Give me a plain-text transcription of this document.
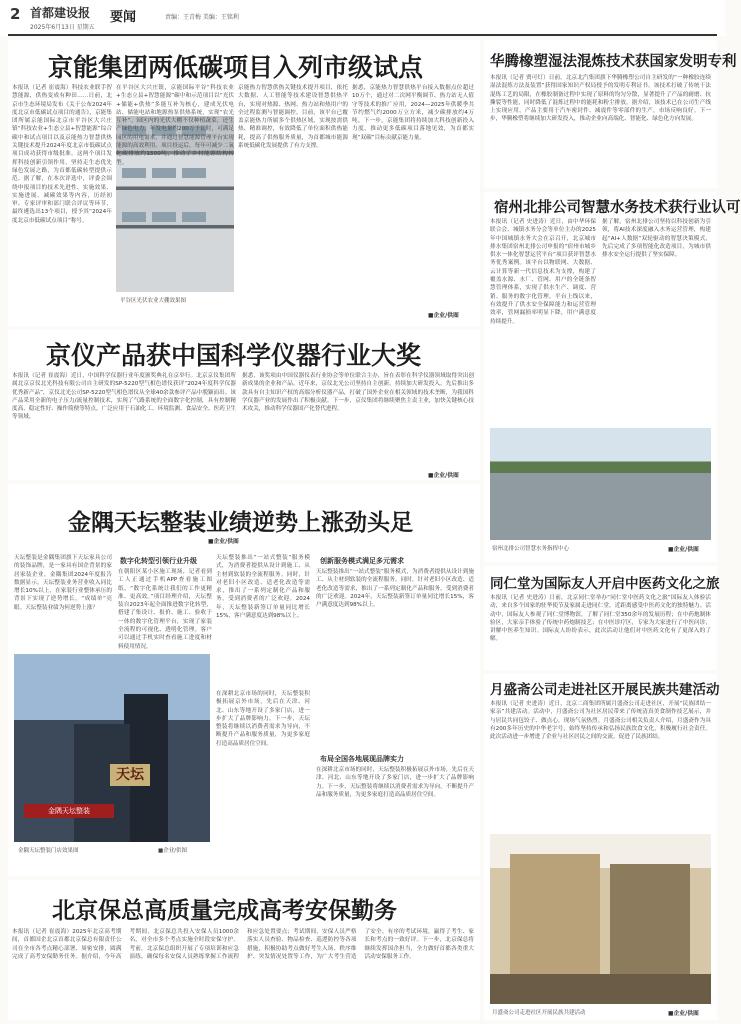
2 首都建设报
2025年6月13日 星期五
要闻	责编：王青梅 美编：王铭利
京能集团两低碳项目入列市级试点
本报讯（记者 崔震海）科技农业联手智慧能源，供热变成有种田……日前，北京市生态环境局发布《关于公布2024年度北京市低碳试点项目的通告》，京能集团所属京能国际北京市平谷区大兴庄镇“科技农业+生态立县+智慧能源”综合碳中和试点项目以及京能热力智慧供热关键技术提升2024年度北京市低碳试点项目成功获得市级批准。这两个项目发挥科技创新引领作用，坚持走生态优先绿色发展之路，为首都低碳转型提供示范。据了解，在本次评选中，评委会围绕申报项目的技术先进性、实施效果、实施进展、减碳效果等内容，历经初审、专家评审和部门联合评议等环节，最终遴选出13个项目，授予其“2024年度北京市低碳试点项目”称号。
平谷区光伏农业大棚效果图
在平谷区大兴庄镇，京能国际平谷“科技农业+生态立县+智慧能源”碳中和示范项目以“光伏+储能+供热”多能互补为核心，建成光伏电站、储能电站和地源热泵供热系统，实现“农光互补”。园区内的光伏大棚不仅种植蔬菜，还生产绿色电力，年发电量约200万千瓦时，可满足园区的用电需求，并通过智慧能源管理平台实现能源的高效利用。项目投运后，每年可减少二氧化碳排放约1500吨，推动了乡村能源结构转型。
京能热力智慧供热关键技术提升项目，依托大数据、人工智能等技术建设智慧供热平台，实现对热源、热网、热力站和热用户的全过程监测与智能调控。目前，该平台已覆盖京能热力所属多个供热区域，实现按需供热、精准调控，有效降低了单位面积供热能耗，提高了供热服务质量，为首都城市能源系统低碳化发展提供了有力支撑。
据悉，京能热力智慧供热平台接入数据点位超过10万个，通过对二次网平衡调节、热力站无人值守等技术的推广应用，2024—2025年供暖季共节约燃气约2000万立方米，减少碳排放约4万吨。下一步，京能集团将持续加大科技创新投入力度，推动更多低碳项目落地见效，为首都实现“双碳”目标贡献京能力量。
■企业/供图
华腾橡塑湿法混炼技术获国家发明专利
本报讯（记者 贾可灯）日前，北京北汽集团旗下华腾橡塑公司自主研发的“一种橡胶连续湿法混炼方法及装置”获得国家知识产权局授予的发明专利证书。该技术打破了传统干法混炼工艺的局限，在橡胶制备过程中实现了原料的均匀分散，显著提升了产品的耐磨、抗撕裂等性能，同时降低了混炼过程中的能耗和粉尘排放。据介绍，该技术已在公司生产线上实现应用，产品主要用于汽车密封件、减震件等零部件的生产，市场反响良好。下一步，华腾橡塑将继续加大研发投入，推动企业向高端化、智能化、绿色化方向发展。
宿州北排公司智慧水务技术获行业认可
本报讯（记者 史进涛）近日，由中华环保联合会、城镇水务分会等单位主办的2025年中国城镇水务大会在京召开，北京城市排水集团宿州北排公司申报的“宿州市城乡供水一体化智慧运营平台”项目获评智慧水务优秀案例。该平台以物联网、大数据、云计算等新一代信息技术为支撑，构建了覆盖水源、水厂、管网、用户的全链条智慧管理体系，实现了供水生产、调度、营销、服务的数字化管理。平台上线以来，有效提升了供水安全保障能力和运营管理效率，管网漏损率明显下降，用户满意度持续提升。
据了解，宿州北排公司坚持以科技创新为引领，将AI技术深度融入水务运营管理，构建起“AI+人数据”双轮驱动的智慧决策模式，先后完成了多项智能化改造项目，为城市供排水安全运行提供了坚实保障。
宿州北排公司智慧水务指挥中心	■企业/供图
京仪产品获中国科学仪器行业大奖
本报讯（记者 崔震海）近日，中国科学仪器行业年度颁奖典礼在京举行。北京京仪集团所属北京京仪北光科技有限公司自主研发的SP-5220型气相色谱仪获评“2024年度科学仪器优秀新产品”，京仪北光公司SP-5220型气相色谱仪从全球40余款参评产品中脱颖而出。该产品采用全新的电子压力/流量控制技术，实现了气路系统的全面数字化控制，具有控制精度高、稳定性好、操作简便等特点，广泛应用于石油化工、环境监测、食品安全、医药卫生等领域。
据悉，该奖项由中国仪器仪表行业协会等单位联合主办，旨在表彰在科学仪器领域取得突出创新成果的企业和产品。近年来，京仪北光公司坚持自主创新，持续加大研发投入，先后推出多款具有自主知识产权的高端分析仪器产品，打破了国外企业在相关领域的技术垄断，为我国科学仪器产业的发展作出了积极贡献。下一步，京仪集团将继续聚焦主责主业，加快关键核心技术攻关，推动科学仪器国产化替代进程。
■企业/供图
金隅天坛整装业绩逆势上涨劲头足
■企业/供图
天坛整装是金隅集团旗下天坛家具公司的装饰品牌，是一家具有国企背景的家居家装企业。金隅集团2024年度报告数据显示，天坛整装业务营业收入同比增长10%以上，在家装行业整体承压的背景下实现了逆势增长，“成绩单”亮眼。天坛整装业绩为何逆势上涨？
天坛
金隅天坛整装
金隅天坛整装门店效果图	■企业/供图
数字化转型引领行业升级
在朝阳区某小区施工现场，记者看到工人正通过手机APP查看施工图纸，“数字化系统让我们的工作更精准、更高效。”项目经理介绍，天坛整装自2023年起全面推进数字化转型，搭建了集设计、报价、施工、验收于一体的数字化管理平台，实现了家装全流程的可视化、透明化管理。客户可以通过手机实时查看施工进度和材料使用情况。
天坛整装推出“一站式整装”服务模式，为消费者提供从设计到施工、从主材到软装的全流程服务。同时，针对老旧小区改造、适老化改造等需求，推出了一系列定制化产品和服务，受到消费者的广泛欢迎。2024年，天坛整装新签订单量同比增长15%，客户满意度达到98%以上。
创新服务模式满足多元需求
天坛整装推出“一站式整装”服务模式，为消费者提供从设计到施工、从主材到软装的全流程服务。同时，针对老旧小区改造、适老化改造等需求，推出了一系列定制化产品和服务，受到消费者的广泛欢迎。2024年，天坛整装新签订单量同比增长15%，客户满意度达到98%以上。
布局全国各地展现品牌实力
在深耕北京市场的同时，天坛整装积极拓展京外市场，先后在天津、河北、山东等地开设了多家门店，进一步扩大了品牌影响力。下一步，天坛整装将继续以消费者需求为导向，不断提升产品和服务质量，为更多家庭打造高品质居住空间。
在深耕北京市场的同时，天坛整装积极拓展京外市场，先后在天津、河北、山东等地开设了多家门店，进一步扩大了品牌影响力。下一步，天坛整装将继续以消费者需求为导向，不断提升产品和服务质量，为更多家庭打造高品质居住空间。
同仁堂为国际友人开启中医药文化之旅
本报讯（记者 史进涛）日前，北京同仁堂举办“同仁堂中医药文化之旅”国际友人体验活动，来自多个国家的驻华使节及家属走进同仁堂，近距离感受中医药文化的独特魅力。活动中，国际友人参观了同仁堂博物馆，了解了同仁堂350余年的发展历程；在中药炮制体验区，大家亲手体验了传统中药炮制技艺；在中医诊疗区，专家为大家进行了中医问诊，讲解中医养生知识。国际友人纷纷表示，此次活动让他们对中医药文化有了更深入的了解。
月盛斋公司走进社区开展民族共建活动
本报讯（记者 史进涛）近日，北京二商集团所属月盛斋公司走进社区，开展“民族团结一家亲”共建活动。活动中，月盛斋公司为社区居民带来了传统清真美食制作技艺展示，并与居民共同包饺子、做点心，现场气氛热烈。月盛斋公司相关负责人介绍，月盛斋作为具有200多年历史的中华老字号，始终坚持传承和弘扬民族饮食文化，积极履行社会责任。此次活动进一步增进了企业与社区居民之间的交流，促进了民族团结。
月盛斋公司走进社区开展民族共建活动	■企业/供图
北京保总高质量完成高考安保勤务
本报讯（记者 崔震海）2025年北京高考期间，首都国企北京首都北京保总有限责任公司在全市各考点精心部署、周密安排，圆满完成了高考安保勤务任务。据介绍，今年高考期间，北京保总共投入安保人员1000余名，对全市多个考点实施全时段安保守护。考前，北京保总组织开展了专项培训和应急演练，确保每名安保人员熟练掌握工作流程和应急处置要点；考试期间，安保人员严格落实人员查验、物品检查、巡逻防控等各项措施，积极协助考点做好考生入场、秩序维护、突发情况处置等工作，为广大考生营造了安全、有序的考试环境，赢得了考生、家长和考点的一致好评。下一步，北京保总将继续发挥国企担当，全力做好首都各类重大活动安保服务工作。
